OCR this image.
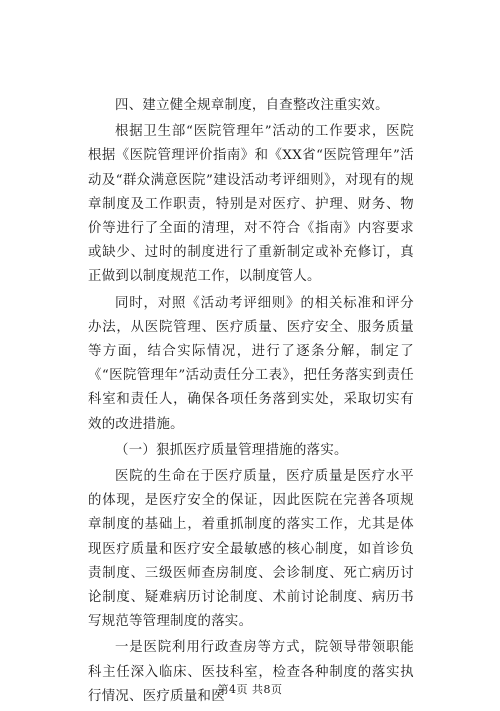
四、建立健全规章制度，自查整改注重实效。

根据卫生部“医院管理年”活动的工作要求，医院根据《医院管理评价指南》和《XX省“医院管理年”活动及“群众满意医院”建设活动考评细则》，对现有的规章制度及工作职责，特别是对医疗、护理、财务、物价等进行了全面的清理，对不符合《指南》内容要求或缺少、过时的制度进行了重新制定或补充修订，真正做到以制度规范工作，以制度管人。

同时，对照《活动考评细则》的相关标准和评分办法，从医院管理、医疗质量、医疗安全、服务质量等方面，结合实际情况，进行了逐条分解，制定了《“医院管理年”活动责任分工表》，把任务落实到责任科室和责任人，确保各项任务落到实处，采取切实有效的改进措施。

（一）狠抓医疗质量管理措施的落实。

医院的生命在于医疗质量，医疗质量是医疗水平的体现，是医疗安全的保证，因此医院在完善各项规章制度的基础上，着重抓制度的落实工作，尤其是体现医疗质量和医疗安全最敏感的核心制度，如首诊负责制度、三级医师查房制度、会诊制度、死亡病历讨论制度、疑难病历讨论制度、术前讨论制度、病历书写规范等管理制度的落实。

一是医院利用行政查房等方式，院领导带领职能科主任深入临床、医技科室，检查各种制度的落实执行情况、医疗质量和医

第4页 共8页
